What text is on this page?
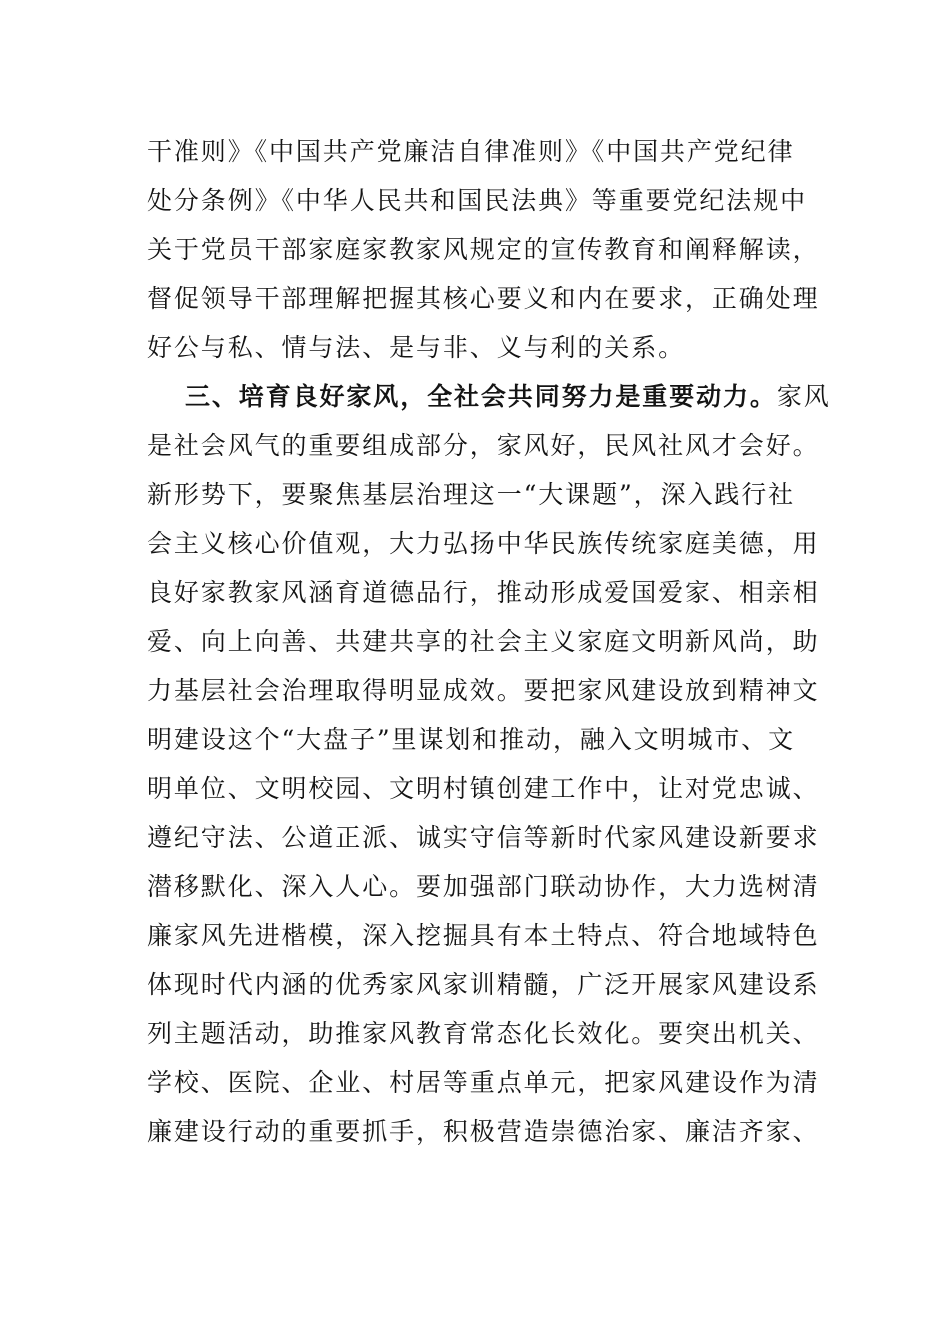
干准则》《中国共产党廉洁自律准则》《中国共产党纪律
处分条例》《中华人民共和国民法典》等重要党纪法规中
关于党员干部家庭家教家风规定的宣传教育和阐释解读，
督促领导干部理解把握其核心要义和内在要求，正确处理
好公与私、情与法、是与非、义与利的关系。
三、培育良好家风，全社会共同努力是重要动力。家风
是社会风气的重要组成部分，家风好，民风社风才会好。
新形势下，要聚焦基层治理这一“大课题”，深入践行社
会主义核心价值观，大力弘扬中华民族传统家庭美德，用
良好家教家风涵育道德品行，推动形成爱国爱家、相亲相
爱、向上向善、共建共享的社会主义家庭文明新风尚，助
力基层社会治理取得明显成效。要把家风建设放到精神文
明建设这个“大盘子”里谋划和推动，融入文明城市、文
明单位、文明校园、文明村镇创建工作中，让对党忠诚、
遵纪守法、公道正派、诚实守信等新时代家风建设新要求
潜移默化、深入人心。要加强部门联动协作，大力选树清
廉家风先进楷模，深入挖掘具有本土特点、符合地域特色
体现时代内涵的优秀家风家训精髓，广泛开展家风建设系
列主题活动，助推家风教育常态化长效化。要突出机关、
学校、医院、企业、村居等重点单元，把家风建设作为清
廉建设行动的重要抓手，积极营造崇德治家、廉洁齐家、
